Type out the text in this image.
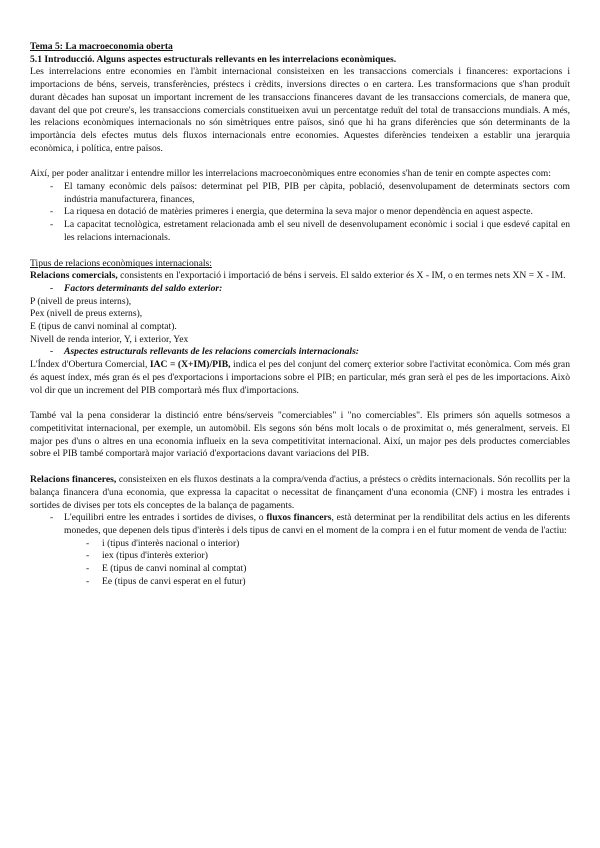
Tema 5: La macroeconomia oberta

5.1 Introducció. Alguns aspectes estructurals rellevants en les interrelacions econòmiques.

Les interrelacions entre economies en l'àmbit internacional consisteixen en les transaccions comercials i financeres: exportacions i importacions de béns, serveis, transferències, préstecs i crèdits, inversions directes o en cartera. Les transformacions que s'han produït durant dècades han suposat un important increment de les transaccions financeres davant de les transaccions comercials, de manera que, davant del que pot creure's, les transaccions comercials constitueixen avui un percentatge reduït del total de transaccions mundials. A més, les relacions econòmiques internacionals no són simètriques entre països, sinó que hi ha grans diferències que són determinants de la importància dels efectes mutus dels fluxos internacionals entre economies. Aquestes diferències tendeixen a establir una jerarquia econòmica, i política, entre països.

Així, per poder analitzar i entendre millor les interrelacions macroeconòmiques entre economies s'han de tenir en compte aspectes com:

- El tamany econòmic dels països: determinat pel PIB, PIB per càpita, població, desenvolupament de determinats sectors com indústria manufacturera, finances,
- La riquesa en dotació de matèries primeres i energia, que determina la seva major o menor dependència en aquest aspecte.
- La capacitat tecnològica, estretament relacionada amb el seu nivell de desenvolupament econòmic i social i que esdevé capital en les relacions internacionals.

Tipus de relacions econòmiques internacionals:

Relacions comercials, consistents en l'exportació i importació de béns i serveis. El saldo exterior és X - IM, o en termes nets XN = X - IM.

- Factors determinants del saldo exterior:

P (nivell de preus interns),

Pex (nivell de preus externs),

E (tipus de canvi nominal al comptat).

Nivell de renda interior, Y, i exterior, Yex

- Aspectes estructurals rellevants de les relacions comercials internacionals:

L'Índex d'Obertura Comercial, IAC = (X+IM)/PIB, indica el pes del conjunt del comerç exterior sobre l'activitat econòmica. Com més gran és aquest índex, més gran és el pes d'exportacions i importacions sobre el PIB; en particular, més gran serà el pes de les importacions. Això vol dir que un increment del PIB comportarà més flux d'importacions.

També val la pena considerar la distinció entre béns/serveis "comerciables" i "no comerciables". Els primers són aquells sotmesos a competitivitat internacional, per exemple, un automòbil. Els segons són béns molt locals o de proximitat o, més generalment, serveis. El major pes d'uns o altres en una economia influeix en la seva competitivitat internacional. Així, un major pes dels productes comerciables sobre el PIB també comportarà major variació d'exportacions davant variacions del PIB.

Relacions financeres, consisteixen en els fluxos destinats a la compra/venda d'actius, a préstecs o crèdits internacionals. Són recollits per la balança financera d'una economia, que expressa la capacitat o necessitat de finançament d'una economia (CNF) i mostra les entrades i sortides de divises per tots els conceptes de la balança de pagaments.

- L'equilibri entre les entrades i sortides de divises, o fluxos financers, està determinat per la rendibilitat dels actius en les diferents monedes, que depenen dels tipus d'interès i dels tipus de canvi en el moment de la compra i en el futur moment de venda de l'actiu:
- i (tipus d'interès nacional o interior)
- iex (tipus d'interès exterior)
- E (tipus de canvi nominal al comptat)
- Ee (tipus de canvi esperat en el futur)
